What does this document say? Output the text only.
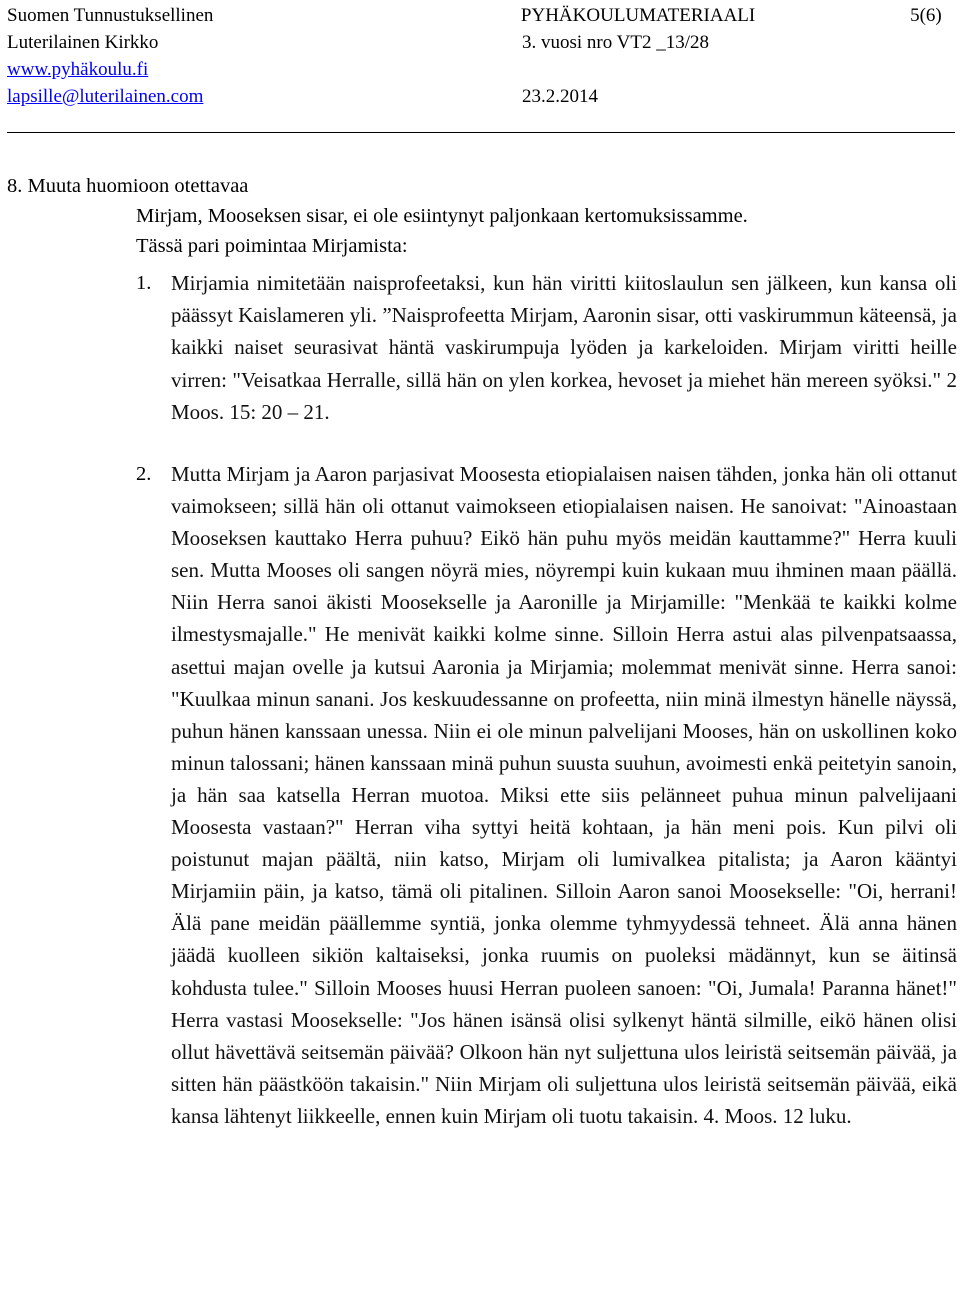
Suomen Tunnustuksellinen	PYHÄKOULUMATERIAALI	5(6)
Luterilainen Kirkko	3. vuosi nro VT2 _13/28
www.pyhäkoulu.fi
lapsille@luterilainen.com	23.2.2014
8. Muuta huomioon otettavaa
Mirjam, Mooseksen sisar, ei ole esiintynyt paljonkaan kertomuksissamme.
Tässä pari poimintaa Mirjamista:
1. Mirjamia nimitetään naisprofeetaksi, kun hän viritti kiitoslaulun sen jälkeen, kun kansa oli päässyt Kaislameren yli. ”Naisprofeetta Mirjam, Aaronin sisar, otti vaskirummun käteensä, ja kaikki naiset seurasivat häntä vaskirumpuja lyöden ja karkeloiden. Mirjam viritti heille virren: "Veisatkaa Herralle, sillä hän on ylen korkea, hevoset ja miehet hän mereen syöksi." 2 Moos. 15: 20 – 21.
2. Mutta Mirjam ja Aaron parjasivat Moosesta etiopialaisen naisen tähden, jonka hän oli ottanut vaimokseen; sillä hän oli ottanut vaimokseen etiopialaisen naisen. He sanoivat: "Ainoastaan Mooseksen kauttako Herra puhuu? Eikö hän puhu myös meidän kauttamme?" Herra kuuli sen. Mutta Mooses oli sangen nöyrä mies, nöyrempi kuin kukaan muu ihminen maan päällä. Niin Herra sanoi äkisti Moosekselle ja Aaronille ja Mirjamille: "Menkää te kaikki kolme ilmestysmajalle." He menivät kaikki kolme sinne. Silloin Herra astui alas pilvenpatsaassa, asettui majan ovelle ja kutsui Aaronia ja Mirjamia; molemmat menivät sinne. Herra sanoi: "Kuulkaa minun sanani. Jos keskuudessanne on profeetta, niin minä ilmestyn hänelle näyssä, puhun hänen kanssaan unessa. Niin ei ole minun palvelijani Mooses, hän on uskollinen koko minun talossani; hänen kanssaan minä puhun suusta suuhun, avoimesti enkä peitetyin sanoin, ja hän saa katsella Herran muotoa. Miksi ette siis pelänneet puhua minun palvelijaani Moosesta vastaan?" Herran viha syttyi heitä kohtaan, ja hän meni pois. Kun pilvi oli poistunut majan päältä, niin katso, Mirjam oli lumivalkea pitalista; ja Aaron kääntyi Mirjamiin päin, ja katso, tämä oli pitalinen. Silloin Aaron sanoi Moosekselle: "Oi, herrani! Älä pane meidän päällemme syntiä, jonka olemme tyhmyydessä tehneet. Älä anna hänen jäädä kuolleen sikiön kaltaiseksi, jonka ruumis on puoleksi mädännyt, kun se äitinsä kohdusta tulee." Silloin Mooses huusi Herran puoleen sanoen: "Oi, Jumala! Paranna hänet!" Herra vastasi Moosekselle: "Jos hänen isänsä olisi sylkenyt häntä silmille, eikö hänen olisi ollut hävettävä seitsemän päivää? Olkoon hän nyt suljettuna ulos leiristä seitsemän päivää, ja sitten hän päästköön takaisin." Niin Mirjam oli suljettuna ulos leiristä seitsemän päivää, eikä kansa lähtenyt liikkeelle, ennen kuin Mirjam oli tuotu takaisin. 4. Moos. 12 luku.
